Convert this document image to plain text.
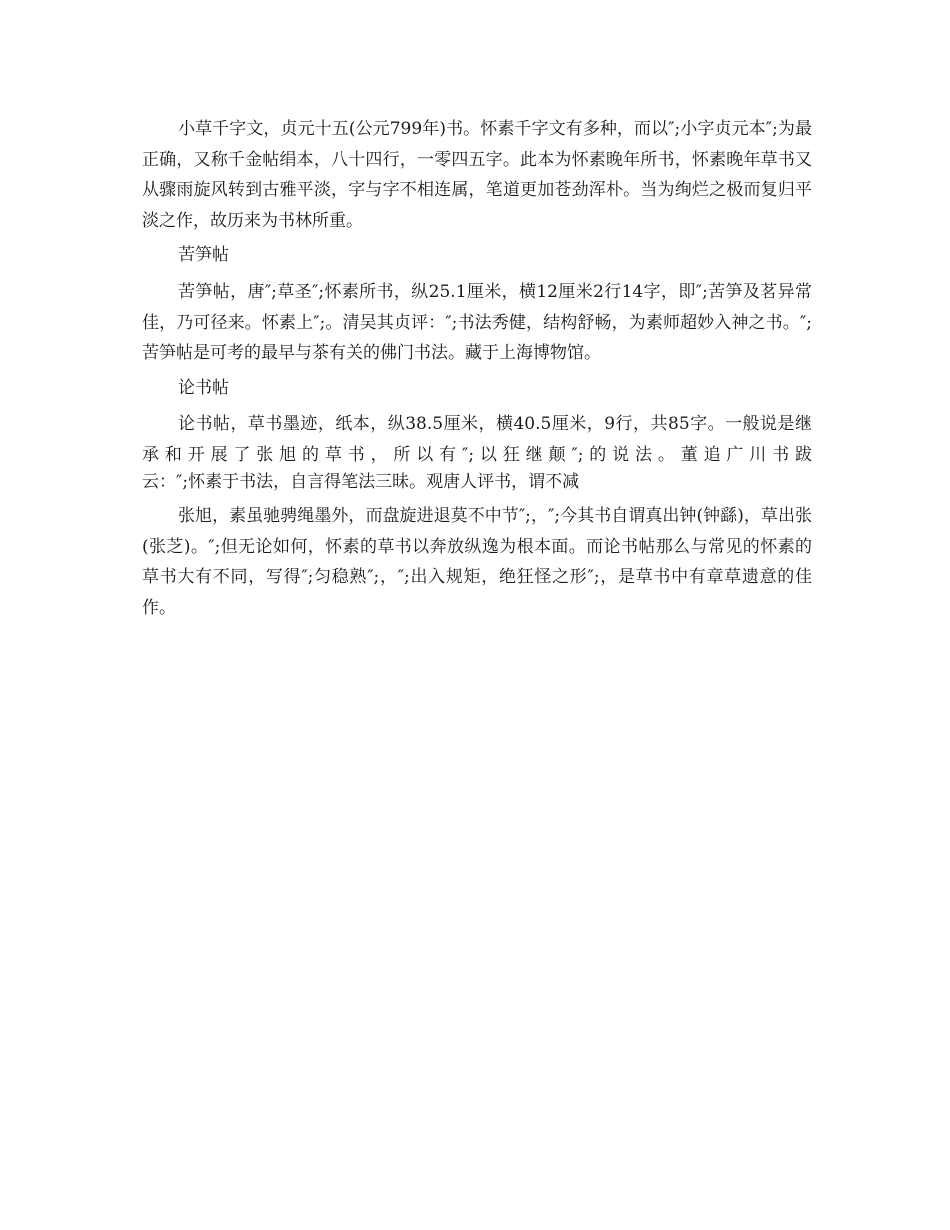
小草千字文，贞元十五(公元799年)书。怀素千字文有多种，而以″;小字贞元本″;为最正确，又称千金帖绢本，八十四行，一零四五字。此本为怀素晚年所书，怀素晚年草书又从骤雨旋风转到古雅平淡，字与字不相连属，笔道更加苍劲浑朴。当为绚烂之极而复归平淡之作，故历来为书林所重。

苦笋帖

苦笋帖，唐″;草圣″;怀素所书，纵25.1厘米，横12厘米2行14字，即″;苦笋及茗异常佳，乃可径来。怀素上″;。清吴其贞评：″;书法秀健，结构舒畅，为素师超妙入神之书。″;苦笋帖是可考的最早与茶有关的佛门书法。藏于上海博物馆。

论书帖

论书帖，草书墨迹，纸本，纵38.5厘米，横40.5厘米，9行，共85字。一般说是继承和开展了张旭的草书，所以有″;以狂继颠″;的说法。董追广川书跋

云：″;怀素于书法，自言得笔法三昧。观唐人评书，谓不减

张旭，素虽驰骋绳墨外，而盘旋进退莫不中节″;，″;今其书自谓真出钟(钟繇)，草出张(张芝)。″;但无论如何，怀素的草书以奔放纵逸为根本面。而论书帖那么与常见的怀素的草书大有不同，写得″;匀稳熟″;，″;出入规矩，绝狂怪之形″;，是草书中有章草遗意的佳作。
